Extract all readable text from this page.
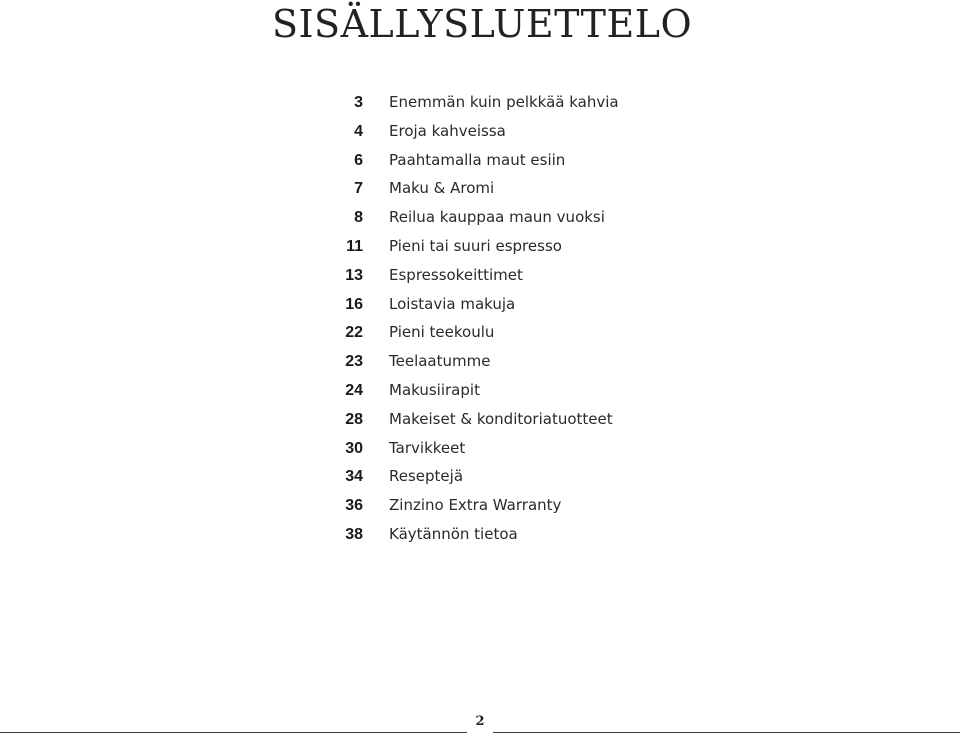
SISÄLLYSLUETTELO
3 Enemmän kuin pelkkää kahvia
4 Eroja kahveissa
6 Paahtamalla maut esiin
7 Maku & Aromi
8 Reilua kauppaa maun vuoksi
11 Pieni tai suuri espresso
13 Espressokeittimet
16 Loistavia makuja
22 Pieni teekoulu
23 Teelaatumme
24 Makusiirapit
28 Makeiset & konditoriatuotteet
30 Tarvikkeet
34 Reseptejä
36 Zinzino Extra Warranty
38 Käytännön tietoa
2
